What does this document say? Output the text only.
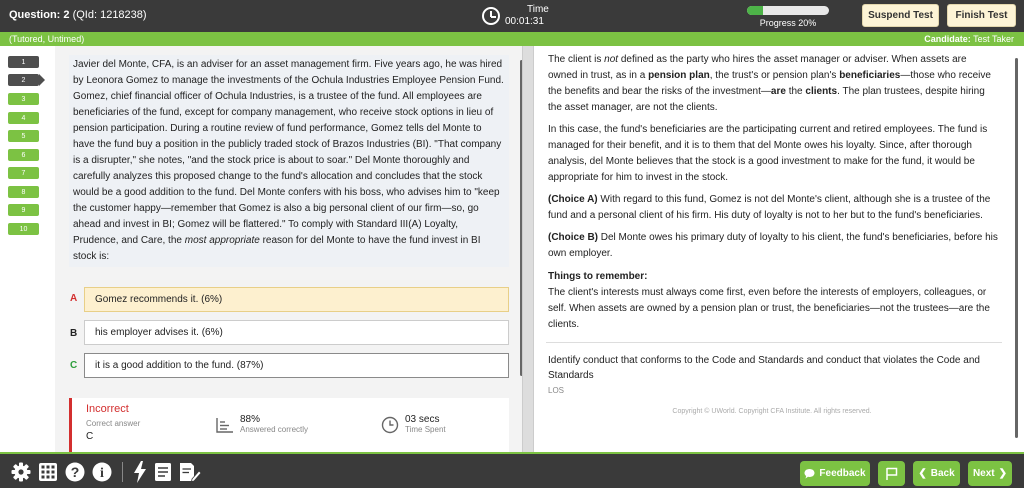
Question: 2 (QId: 1218238)	Time
00:01:31	Progress 20%
Suspend Test	Finish Test
(Tutored, Untimed)	Candidate: Test Taker
1
2
3
4
5
6
7
8
9
10

Javier del Monte, CFA, is an adviser for an asset management firm. Five years ago, he was hired by Leonora Gomez to manage the investments of the Ochula Industries Employee Pension Fund. Gomez, chief financial officer of Ochula Industries, is a trustee of the fund. All employees are beneficiaries of the fund, except for company management, who receive stock options in lieu of pension participation. During a routine review of fund performance, Gomez tells del Monte to have the fund buy a position in the publicly traded stock of Brazos Industries (BI). "That company is a disrupter," she notes, "and the stock price is about to soar." Del Monte thoroughly and carefully analyzes this proposed change to the fund's allocation and concludes that the stock would be a good addition to the fund. Del Monte confers with his boss, who advises him to "keep the customer happy—remember that Gomez is also a big personal client of our firm—so, go ahead and invest in BI; Gomez will be flattered." To comply with Standard III(A) Loyalty, Prudence, and Care, the most appropriate reason for del Monte to have the fund invest in BI stock is:

A	Gomez recommends it. (6%)
B	his employer advises it. (6%)
C	it is a good addition to the fund. (87%)
Incorrect
Correct answer
C
88%
Answered correctly
03 secs
Time Spent
The client is not defined as the party who hires the asset manager or adviser. When assets are owned in trust, as in a pension plan, the trust's or pension plan's beneficiaries—those who receive the benefits and bear the risks of the investment—are the clients. The plan trustees, despite hiring the asset manager, are not the clients.
In this case, the fund's beneficiaries are the participating current and retired employees. The fund is managed for their benefit, and it is to them that del Monte owes his loyalty. Since, after thorough analysis, del Monte believes that the stock is a good investment to make for the fund, it would be appropriate for him to invest in the stock.
(Choice A) With regard to this fund, Gomez is not del Monte's client, although she is a trustee of the fund and a personal client of his firm. His duty of loyalty is not to her but to the fund's beneficiaries.
(Choice B) Del Monte owes his primary duty of loyalty to his client, the fund's beneficiaries, before his own employer.
Things to remember:
The client's interests must always come first, even before the interests of employers, colleagues, or self. When assets are owned by a pension plan or trust, the beneficiaries—not the trustees—are the clients.
Identify conduct that conforms to the Code and Standards and conduct that violates the Code and Standards
LOS
Copyright © UWorld. Copyright CFA Institute. All rights reserved.
? i	Feedback	❮ Back Next ❯
